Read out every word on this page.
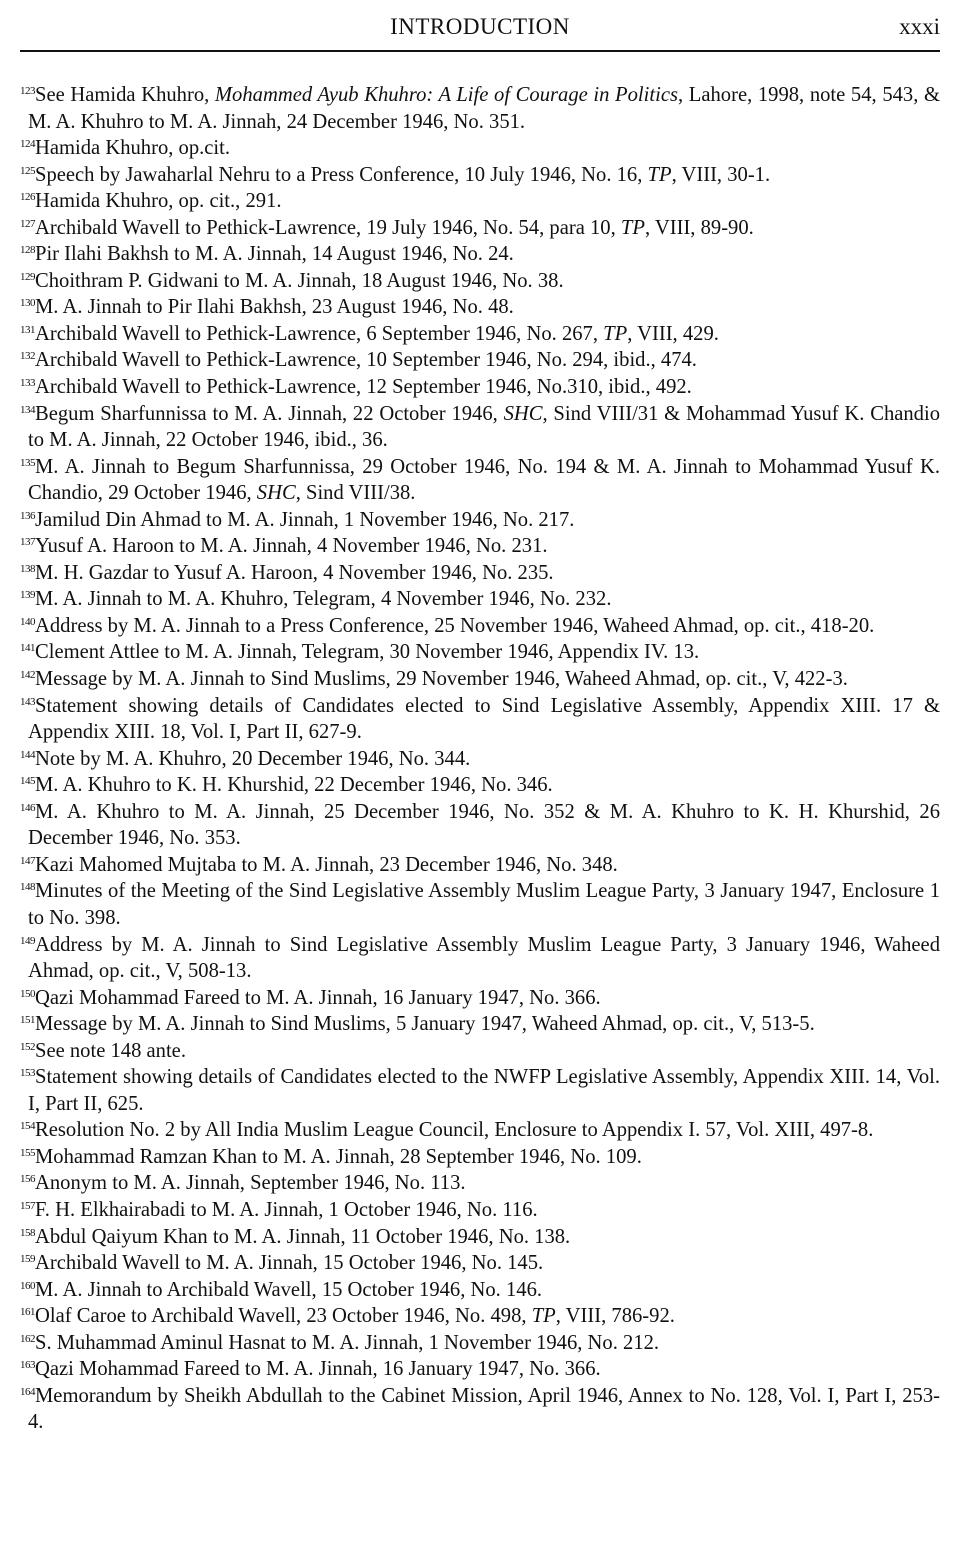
INTRODUCTION	xxxi
$^{123}$See Hamida Khuhro, Mohammed Ayub Khuhro: A Life of Courage in Politics, Lahore, 1998, note 54, 543, & M. A. Khuhro to M. A. Jinnah, 24 December 1946, No. 351.
$^{124}$Hamida Khuhro, op.cit.
$^{125}$Speech by Jawaharlal Nehru to a Press Conference, 10 July 1946, No. 16, TP, VIII, 30-1.
$^{126}$Hamida Khuhro, op. cit., 291.
$^{127}$Archibald Wavell to Pethick-Lawrence, 19 July 1946, No. 54, para 10, TP, VIII, 89-90.
$^{128}$Pir Ilahi Bakhsh to M. A. Jinnah, 14 August 1946, No. 24.
$^{129}$Choithram P. Gidwani to M. A. Jinnah, 18 August 1946, No. 38.
$^{130}$M. A. Jinnah to Pir Ilahi Bakhsh, 23 August 1946, No. 48.
$^{131}$Archibald Wavell to Pethick-Lawrence, 6 September 1946, No. 267, TP, VIII, 429.
$^{132}$Archibald Wavell to Pethick-Lawrence, 10 September 1946, No. 294, ibid., 474.
$^{133}$Archibald Wavell to Pethick-Lawrence, 12 September 1946, No.310, ibid., 492.
$^{134}$Begum Sharfunnissa to M. A. Jinnah, 22 October 1946, SHC, Sind VIII/31 & Mohammad Yusuf K. Chandio to M. A. Jinnah, 22 October 1946, ibid., 36.
$^{135}$M. A. Jinnah to Begum Sharfunnissa, 29 October 1946, No. 194 & M. A. Jinnah to Mohammad Yusuf K. Chandio, 29 October 1946, SHC, Sind VIII/38.
$^{136}$Jamilud Din Ahmad to M. A. Jinnah, 1 November 1946, No. 217.
$^{137}$Yusuf A. Haroon to M. A. Jinnah, 4 November 1946, No. 231.
$^{138}$M. H. Gazdar to Yusuf A. Haroon, 4 November 1946, No. 235.
$^{139}$M. A. Jinnah to M. A. Khuhro, Telegram, 4 November 1946, No. 232.
$^{140}$Address by M. A. Jinnah to a Press Conference, 25 November 1946, Waheed Ahmad, op. cit., 418-20.
$^{141}$Clement Attlee to M. A. Jinnah, Telegram, 30 November 1946, Appendix IV. 13.
$^{142}$Message by M. A. Jinnah to Sind Muslims, 29 November 1946, Waheed Ahmad, op. cit., V, 422-3.
$^{143}$Statement showing details of Candidates elected to Sind Legislative Assembly, Appendix XIII. 17 & Appendix XIII. 18, Vol. I, Part II, 627-9.
$^{144}$Note by M. A. Khuhro, 20 December 1946, No. 344.
$^{145}$M. A. Khuhro to K. H. Khurshid, 22 December 1946, No. 346.
$^{146}$M. A. Khuhro to M. A. Jinnah, 25 December 1946, No. 352 & M. A. Khuhro to K. H. Khurshid, 26 December 1946, No. 353.
$^{147}$Kazi Mahomed Mujtaba to M. A. Jinnah, 23 December 1946, No. 348.
$^{148}$Minutes of the Meeting of the Sind Legislative Assembly Muslim League Party, 3 January 1947, Enclosure 1 to No. 398.
$^{149}$Address by M. A. Jinnah to Sind Legislative Assembly Muslim League Party, 3 January 1946, Waheed Ahmad, op. cit., V, 508-13.
$^{150}$Qazi Mohammad Fareed to M. A. Jinnah, 16 January 1947, No. 366.
$^{151}$Message by M. A. Jinnah to Sind Muslims, 5 January 1947, Waheed Ahmad, op. cit., V, 513-5.
$^{152}$See note 148 ante.
$^{153}$Statement showing details of Candidates elected to the NWFP Legislative Assembly, Appendix XIII. 14, Vol. I, Part II, 625.
$^{154}$Resolution No. 2 by All India Muslim League Council, Enclosure to Appendix I. 57, Vol. XIII, 497-8.
$^{155}$Mohammad Ramzan Khan to M. A. Jinnah, 28 September 1946, No. 109.
$^{156}$Anonym to M. A. Jinnah, September 1946, No. 113.
$^{157}$F. H. Elkhairabadi to M. A. Jinnah, 1 October 1946, No. 116.
$^{158}$Abdul Qaiyum Khan to M. A. Jinnah, 11 October 1946, No. 138.
$^{159}$Archibald Wavell to M. A. Jinnah, 15 October 1946, No. 145.
$^{160}$M. A. Jinnah to Archibald Wavell, 15 October 1946, No. 146.
$^{161}$Olaf Caroe to Archibald Wavell, 23 October 1946, No. 498, TP, VIII, 786-92.
$^{162}$S. Muhammad Aminul Hasnat to M. A. Jinnah, 1 November 1946, No. 212.
$^{163}$Qazi Mohammad Fareed to M. A. Jinnah, 16 January 1947, No. 366.
$^{164}$Memorandum by Sheikh Abdullah to the Cabinet Mission, April 1946, Annex to No. 128, Vol. I, Part I, 253-4.
